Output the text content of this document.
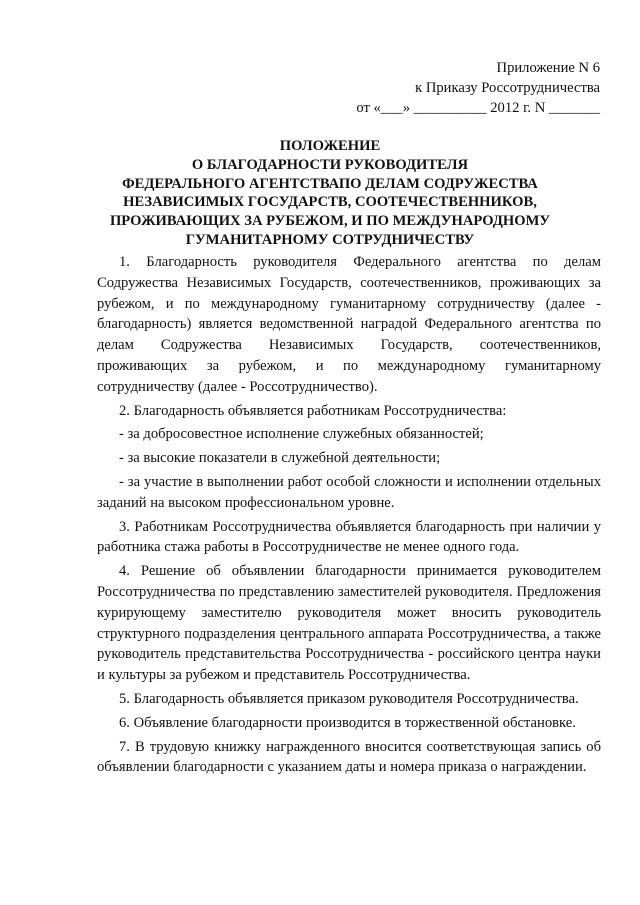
Приложение N 6
к Приказу Россотрудничества
от «___» __________ 2012 г. N _______
ПОЛОЖЕНИЕ
О БЛАГОДАРНОСТИ РУКОВОДИТЕЛЯ
ФЕДЕРАЛЬНОГО АГЕНТСТВАПО ДЕЛАМ СОДРУЖЕСТВА
НЕЗАВИСИМЫХ ГОСУДАРСТВ, СООТЕЧЕСТВЕННИКОВ,
ПРОЖИВАЮЩИХ ЗА РУБЕЖОМ, И ПО МЕЖДУНАРОДНОМУ
ГУМАНИТАРНОМУ СОТРУДНИЧЕСТВУ

1. Благодарность руководителя Федерального агентства по делам Содружества Независимых Государств, соотечественников, проживающих за рубежом, и по международному гуманитарному сотрудничеству (далее - благодарность) является ведомственной наградой Федерального агентства по делам Содружества Независимых Государств, соотечественников, проживающих за рубежом, и по международному гуманитарному сотрудничеству (далее - Россотрудничество).

2. Благодарность объявляется работникам Россотрудничества:

- за добросовестное исполнение служебных обязанностей;

- за высокие показатели в служебной деятельности;

- за участие в выполнении работ особой сложности и исполнении отдельных заданий на высоком профессиональном уровне.

3. Работникам Россотрудничества объявляется благодарность при наличии у работника стажа работы в Россотрудничестве не менее одного года.

4. Решение об объявлении благодарности принимается руководителем Россотрудничества по представлению заместителей руководителя. Предложения курирующему заместителю руководителя может вносить руководитель структурного подразделения центрального аппарата Россотрудничества, а также руководитель представительства Россотрудничества - российского центра науки и культуры за рубежом и представитель Россотрудничества.

5. Благодарность объявляется приказом руководителя Россотрудничества.

6. Объявление благодарности производится в торжественной обстановке.

7. В трудовую книжку награжденного вносится соответствующая запись об объявлении благодарности с указанием даты и номера приказа о награждении.
